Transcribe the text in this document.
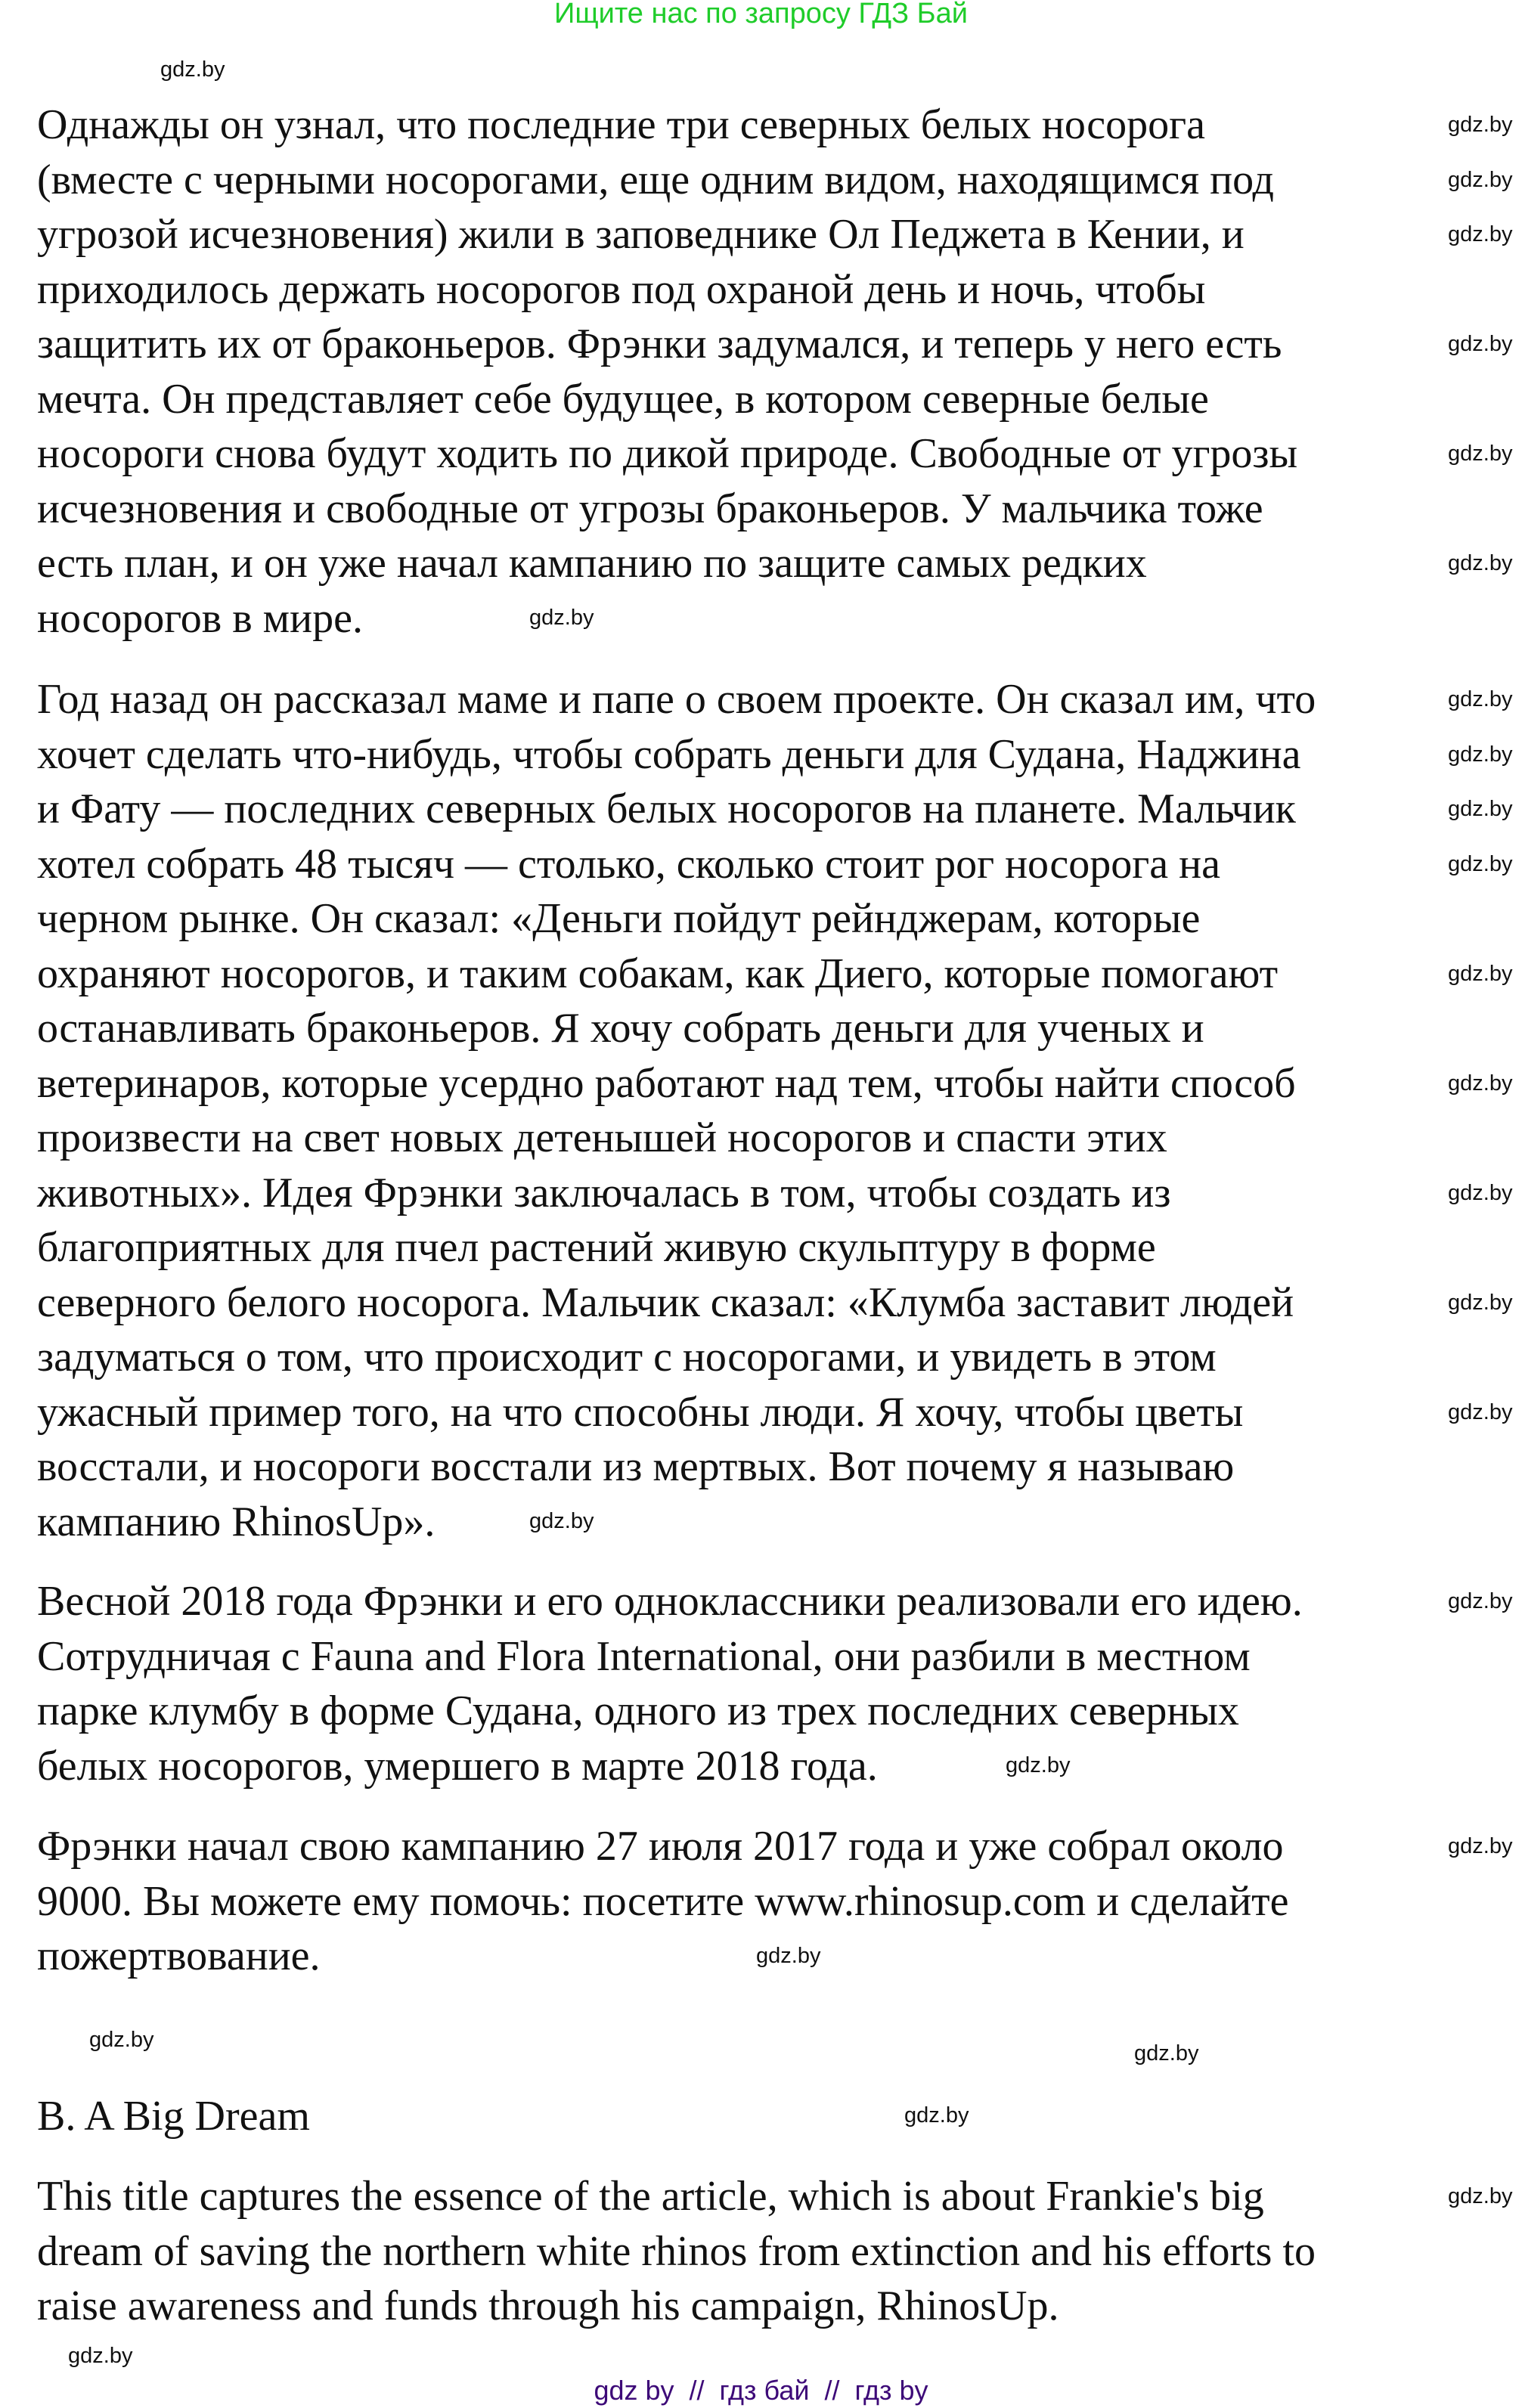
Ищите нас по запросу ГДЗ Бай
Однажды он узнал, что последние три северных белых носорога
(вместе с черными носорогами, еще одним видом, находящимся под
угрозой исчезновения) жили в заповеднике Ол Педжета в Кении, и
приходилось держать носорогов под охраной день и ночь, чтобы
защитить их от браконьеров. Фрэнки задумался, и теперь у него есть
мечта. Он представляет себе будущее, в котором северные белые
носороги снова будут ходить по дикой природе. Свободные от угрозы
исчезновения и свободные от угрозы браконьеров. У мальчика тоже
есть план, и он уже начал кампанию по защите самых редких
носорогов в мире.
Год назад он рассказал маме и папе о своем проекте. Он сказал им, что
хочет сделать что-нибудь, чтобы собрать деньги для Судана, Наджина
и Фату — последних северных белых носорогов на планете. Мальчик
хотел собрать 48 тысяч — столько, сколько стоит рог носорога на
черном рынке. Он сказал: «Деньги пойдут рейнджерам, которые
охраняют носорогов, и таким собакам, как Диего, которые помогают
останавливать браконьеров. Я хочу собрать деньги для ученых и
ветеринаров, которые усердно работают над тем, чтобы найти способ
произвести на свет новых детенышей носорогов и спасти этих
животных». Идея Фрэнки заключалась в том, чтобы создать из
благоприятных для пчел растений живую скульптуру в форме
северного белого носорога. Мальчик сказал: «Клумба заставит людей
задуматься о том, что происходит с носорогами, и увидеть в этом
ужасный пример того, на что способны люди. Я хочу, чтобы цветы
восстали, и носороги восстали из мертвых. Вот почему я называю
кампанию RhinosUp».
Весной 2018 года Фрэнки и его одноклассники реализовали его идею.
Сотрудничая с Fauna and Flora International, они разбили в местном
парке клумбу в форме Судана, одного из трех последних северных
белых носорогов, умершего в марте 2018 года.
Фрэнки начал свою кампанию 27 июля 2017 года и уже собрал около
9000. Вы можете ему помочь: посетите www.rhinosup.com и сделайте
пожертвование.
B. A Big Dream
This title captures the essence of the article, which is about Frankie's big
dream of saving the northern white rhinos from extinction and his efforts to
raise awareness and funds through his campaign, RhinosUp.
gdz.by
gdz.by
gdz.by
gdz.by
gdz.by
gdz.by
gdz.by
gdz.by
gdz.by
gdz.by
gdz.by
gdz.by
gdz.by
gdz.by
gdz.by
gdz.by
gdz.by
gdz.by
gdz.by
gdz.by
gdz.by
gdz.by
gdz.by
gdz.by
gdz.by
gdz.by
gdz.by
gdz by  //  гдз бай  //  гдз by
